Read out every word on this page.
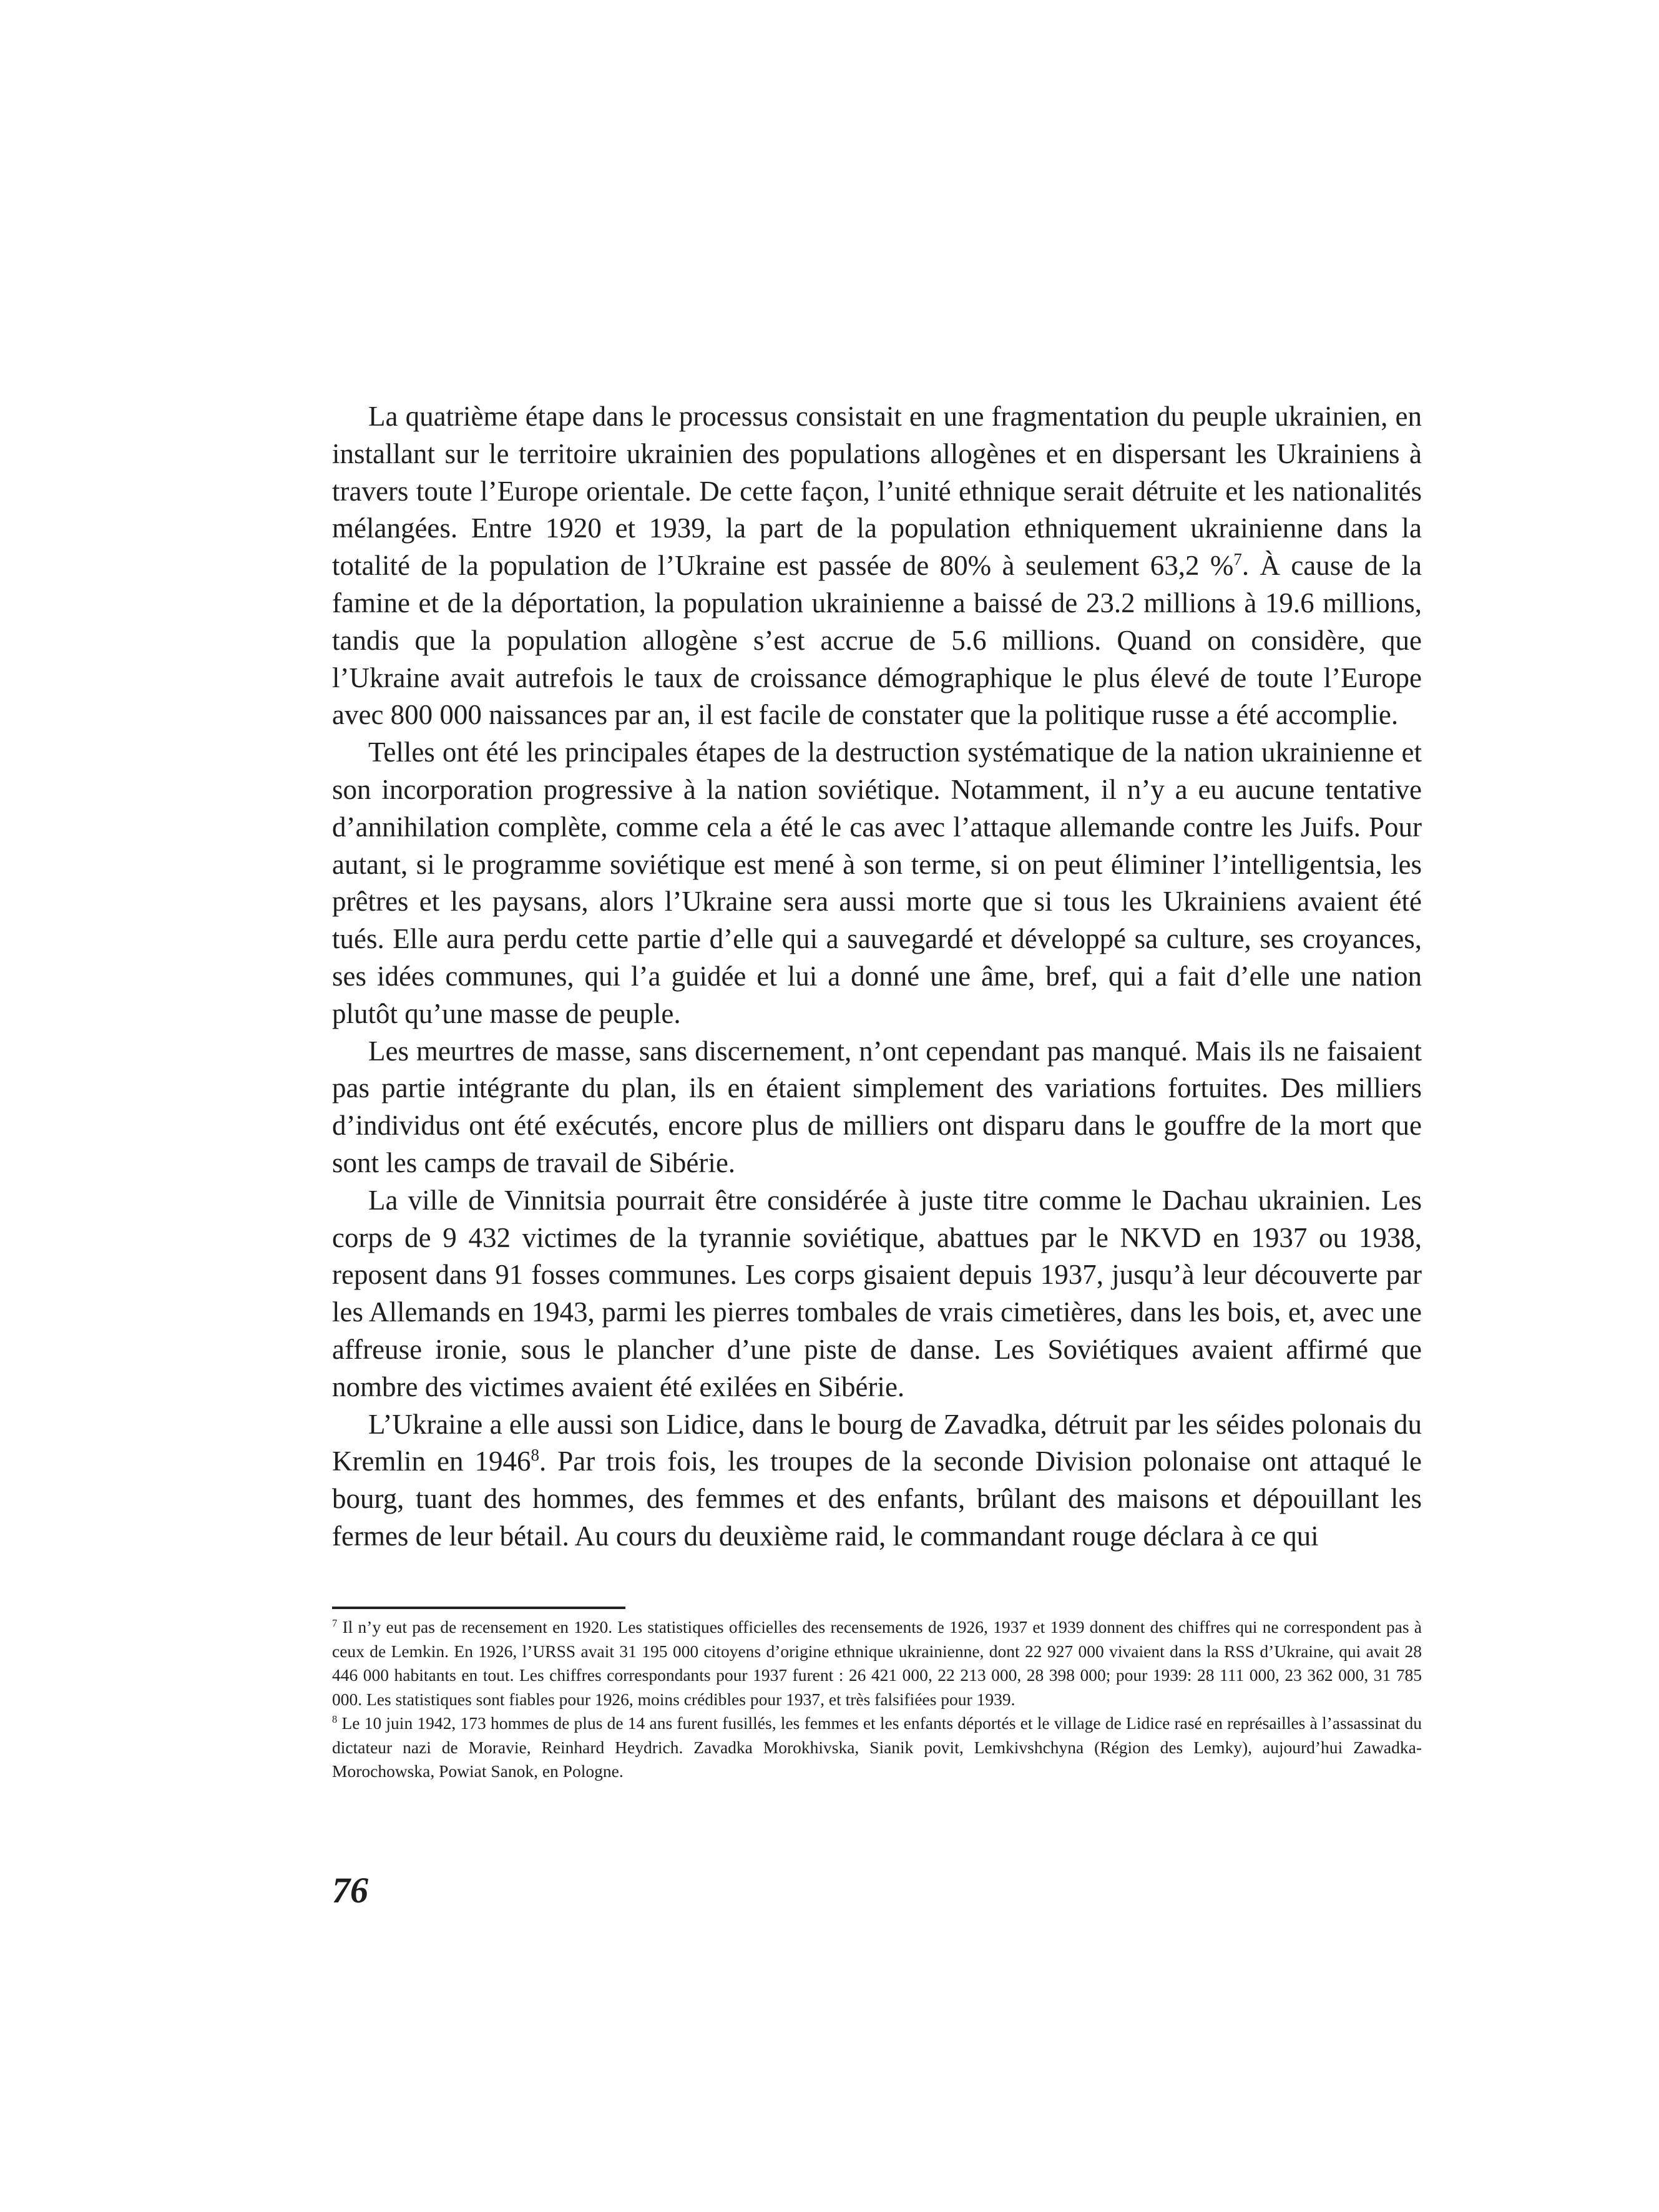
La quatrième étape dans le processus consistait en une fragmentation du peuple ukrainien, en installant sur le territoire ukrainien des populations allogènes et en dispersant les Ukrainiens à travers toute l’Europe orientale. De cette façon, l’unité ethnique serait détruite et les nationalités mélangées. Entre 1920 et 1939, la part de la population ethniquement ukrainienne dans la totalité de la population de l’Ukraine est passée de 80% à seulement 63,2 %$^7$. À cause de la famine et de la déportation, la population ukrainienne a baissé de 23.2 millions à 19.6 millions, tandis que la population allogène s’est accrue de 5.6 millions. Quand on considère, que l’Ukraine avait autrefois le taux de croissance démographique le plus élevé de toute l’Europe avec 800 000 naissances par an, il est facile de constater que la politique russe a été accomplie.

Telles ont été les principales étapes de la destruction systématique de la nation ukrainienne et son incorporation progressive à la nation soviétique. Notamment, il n’y a eu aucune tentative d’annihilation complète, comme cela a été le cas avec l’attaque allemande contre les Juifs. Pour autant, si le programme soviétique est mené à son terme, si on peut éliminer l’intelligentsia, les prêtres et les paysans, alors l’Ukraine sera aussi morte que si tous les Ukrainiens avaient été tués. Elle aura perdu cette partie d’elle qui a sauvegardé et développé sa culture, ses croyances, ses idées communes, qui l’a guidée et lui a donné une âme, bref, qui a fait d’elle une nation plutôt qu’une masse de peuple.

Les meurtres de masse, sans discernement, n’ont cependant pas manqué. Mais ils ne faisaient pas partie intégrante du plan, ils en étaient simplement des variations fortuites. Des milliers d’individus ont été exécutés, encore plus de milliers ont disparu dans le gouffre de la mort que sont les camps de travail de Sibérie.

La ville de Vinnitsia pourrait être considérée à juste titre comme le Dachau ukrainien. Les corps de 9 432 victimes de la tyrannie soviétique, abattues par le NKVD en 1937 ou 1938, reposent dans 91 fosses communes. Les corps gisaient depuis 1937, jusqu’à leur découverte par les Allemands en 1943, parmi les pierres tombales de vrais cimetières, dans les bois, et, avec une affreuse ironie, sous le plancher d’une piste de danse. Les Soviétiques avaient affirmé que nombre des victimes avaient été exilées en Sibérie.

L’Ukraine a elle aussi son Lidice, dans le bourg de Zavadka, détruit par les séides polonais du Kremlin en 1946$^8$. Par trois fois, les troupes de la seconde Division polonaise ont attaqué le bourg, tuant des hommes, des femmes et des enfants, brûlant des maisons et dépouillant les fermes de leur bétail. Au cours du deuxième raid, le commandant rouge déclara à ce qui

$^7$ Il n’y eut pas de recensement en 1920. Les statistiques officielles des recensements de 1926, 1937 et 1939 donnent des chiffres qui ne correspondent pas à ceux de Lemkin. En 1926, l’URSS avait 31 195 000 citoyens d’origine ethnique ukrainienne, dont 22 927 000 vivaient dans la RSS d’Ukraine, qui avait 28 446 000 habitants en tout. Les chiffres correspondants pour 1937 furent : 26 421 000, 22 213 000, 28 398 000; pour 1939: 28 111 000, 23 362 000, 31 785 000. Les statistiques sont fiables pour 1926, moins crédibles pour 1937, et très falsifiées pour 1939.

$^8$ Le 10 juin 1942, 173 hommes de plus de 14 ans furent fusillés, les femmes et les enfants déportés et le village de Lidice rasé en représailles à l’assassinat du dictateur nazi de Moravie, Reinhard Heydrich. Zavadka Morokhivska, Sianik povit, Lemkivshchyna (Région des Lemky), aujourd’hui Zawadka-Morochowska, Powiat Sanok, en Pologne.

76
